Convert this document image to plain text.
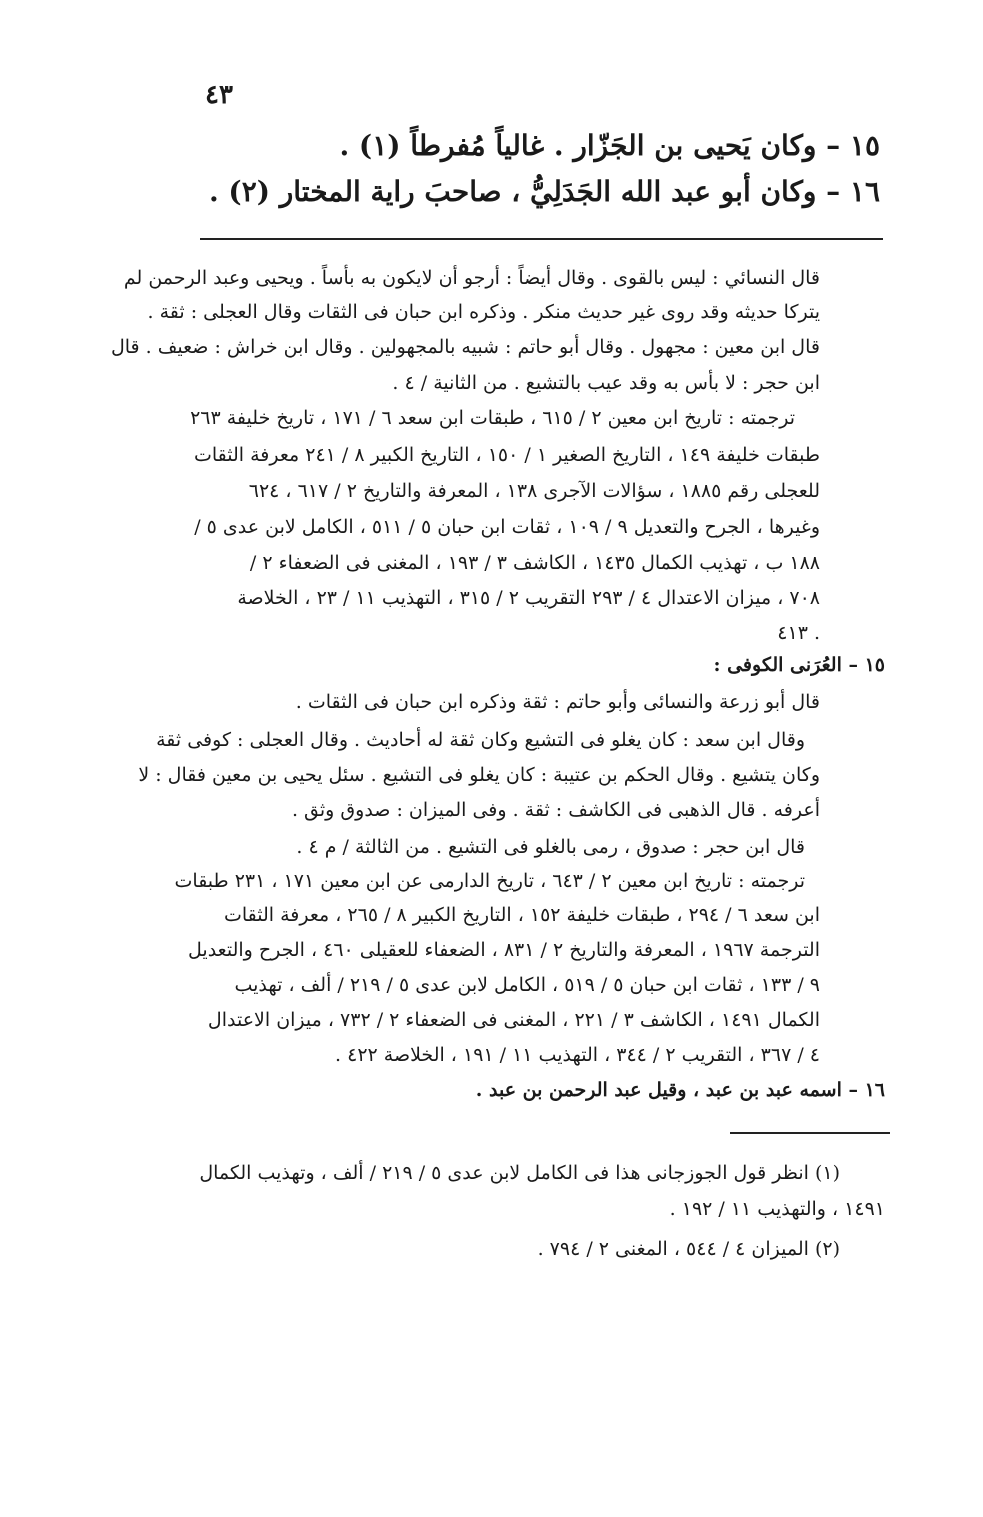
٤٣
١٥ – وكان يَحيى بن الجَزّار . غالياً مُفرطاً (١) .
١٦ – وكان أبو عبد الله الجَدَلِيُّ ، صاحبَ راية المختار (٢) .
قال النسائي : ليس بالقوى . وقال أيضاً : أرجو أن لايكون به بأساً . ويحيى وعبد الرحمن لم
يتركا حديثه وقد روى غير حديث منكر . وذكره ابن حبان فى الثقات وقال العجلى : ثقة .
قال ابن معين : مجهول . وقال أبو حاتم : شبيه بالمجهولين . وقال ابن خراش : ضعيف . قال
ابن حجر : لا بأس به وقد عيب بالتشيع . من الثانية / ٤ .
ترجمته : تاريخ ابن معين ٢ / ٦١٥ ، طبقات ابن سعد ٦ / ١٧١ ، تاريخ خليفة ٢٦٣
طبقات خليفة ١٤٩ ، التاريخ الصغير ١ / ١٥٠ ، التاريخ الكبير ٨ / ٢٤١ معرفة الثقات
للعجلى رقم ١٨٨٥ ، سؤالات الآجرى ١٣٨ ، المعرفة والتاريخ ٢ / ٦١٧ ، ٦٢٤
وغيرها ، الجرح والتعديل ٩ / ١٠٩ ، ثقات ابن حبان ٥ / ٥١١ ، الكامل لابن عدى ٥ /
١٨٨ ب ، تهذيب الكمال ١٤٣٥ ، الكاشف ٣ / ١٩٣ ، المغنى فى الضعفاء ٢ /
٧٠٨ ، ميزان الاعتدال ٤ / ٢٩٣ التقريب ٢ / ٣١٥ ، التهذيب ١١ / ٢٣ ، الخلاصة
٤١٣ .
١٥ – العُرَنى الكوفى :
قال أبو زرعة والنسائى وأبو حاتم : ثقة وذكره ابن حبان فى الثقات .
وقال ابن سعد : كان يغلو فى التشيع وكان ثقة له أحاديث . وقال العجلى : كوفى ثقة
وكان يتشيع . وقال الحكم بن عتيبة : كان يغلو فى التشيع . سئل يحيى بن معين فقال : لا
أعرفه . قال الذهبى فى الكاشف : ثقة . وفى الميزان : صدوق وثق .
قال ابن حجر : صدوق ، رمى بالغلو فى التشيع . من الثالثة / م ٤ .
ترجمته : تاريخ ابن معين ٢ / ٦٤٣ ، تاريخ الدارمى عن ابن معين ١٧١ ، ٢٣١ طبقات
ابن سعد ٦ / ٢٩٤ ، طبقات خليفة ١٥٢ ، التاريخ الكبير ٨ / ٢٦٥ ، معرفة الثقات
الترجمة ١٩٦٧ ، المعرفة والتاريخ ٢ / ٨٣١ ، الضعفاء للعقيلى ٤٦٠ ، الجرح والتعديل
٩ / ١٣٣ ، ثقات ابن حبان ٥ / ٥١٩ ، الكامل لابن عدى ٥ / ٢١٩ / ألف ، تهذيب
الكمال ١٤٩١ ، الكاشف ٣ / ٢٢١ ، المغنى فى الضعفاء ٢ / ٧٣٢ ، ميزان الاعتدال
٤ / ٣٦٧ ، التقريب ٢ / ٣٤٤ ، التهذيب ١١ / ١٩١ ، الخلاصة ٤٢٢ .
١٦ – اسمه عبد بن عبد ، وقيل عبد الرحمن بن عبد .
(١) انظر قول الجوزجانى هذا فى الكامل لابن عدى ٥ / ٢١٩ / ألف ، وتهذيب الكمال
١٤٩١ ، والتهذيب ١١ / ١٩٢ .
(٢) الميزان ٤ / ٥٤٤ ، المغنى ٢ / ٧٩٤ .
